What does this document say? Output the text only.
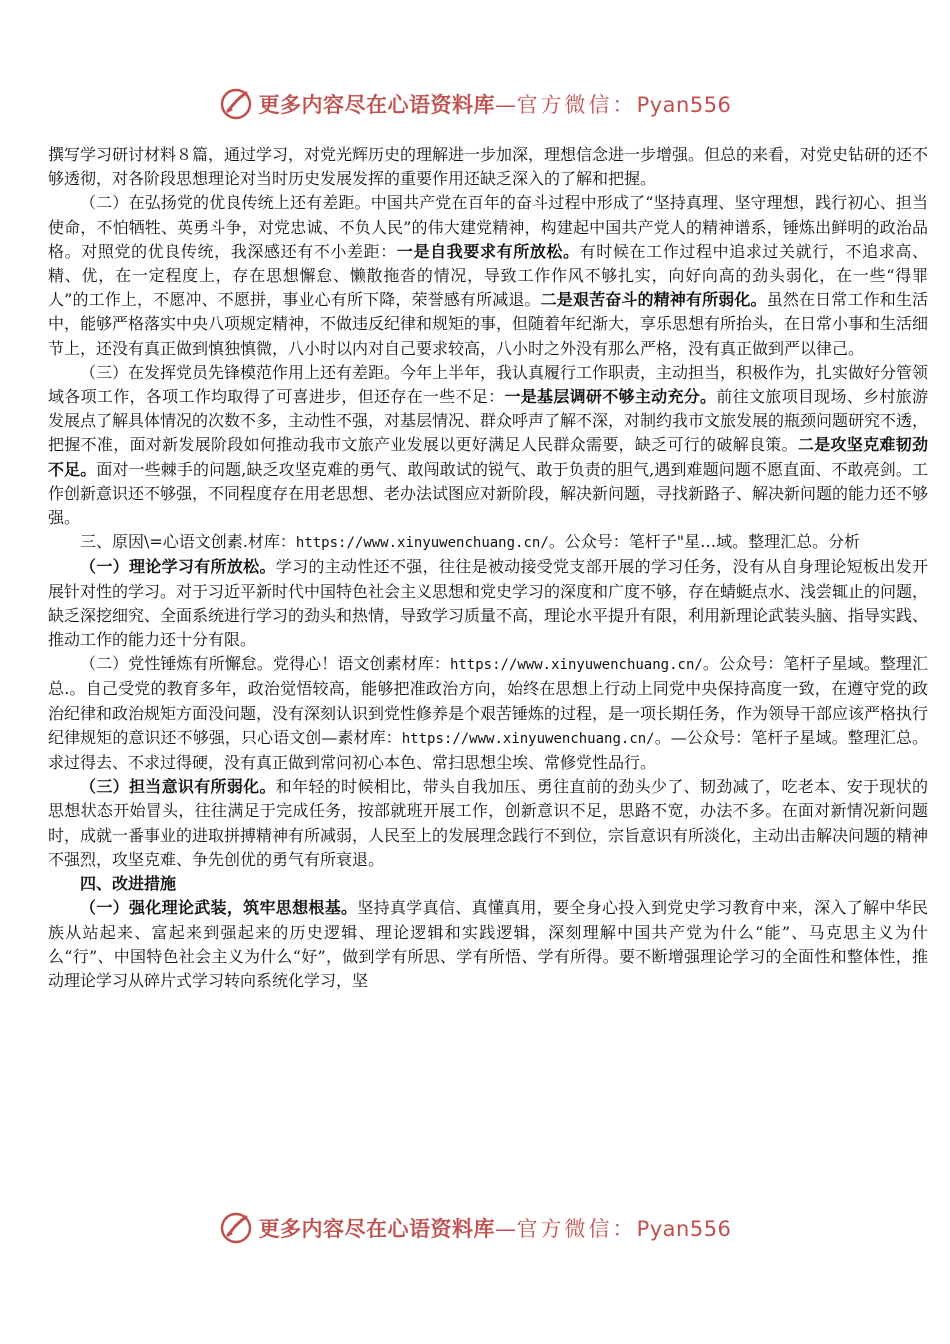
更多内容尽在心语资料库—官方微信：Pyan556

撰写学习研讨材料８篇，通过学习，对党光辉历史的理解进一步加深，理想信念进一步增强。但总的来看，对党史钻研的还不够透彻，对各阶段思想理论对当时历史发展发挥的重要作用还缺乏深入的了解和把握。

（二）在弘扬党的优良传统上还有差距。中国共产党在百年的奋斗过程中形成了“坚持真理、坚守理想，践行初心、担当使命，不怕牺牲、英勇斗争，对党忠诚、不负人民”的伟大建党精神，构建起中国共产党人的精神谱系，锤炼出鲜明的政治品格。对照党的优良传统，我深感还有不小差距：一是自我要求有所放松。有时候在工作过程中追求过关就行，不追求高、精、优，在一定程度上，存在思想懈怠、懒散拖沓的情况，导致工作作风不够扎实，向好向高的劲头弱化，在一些“得罪人”的工作上，不愿冲、不愿拼，事业心有所下降，荣誉感有所减退。二是艰苦奋斗的精神有所弱化。虽然在日常工作和生活中，能够严格落实中央八项规定精神，不做违反纪律和规矩的事，但随着年纪渐大，享乐思想有所抬头，在日常小事和生活细节上，还没有真正做到慎独慎微，八小时以内对自己要求较高，八小时之外没有那么严格，没有真正做到严以律己。

（三）在发挥党员先锋模范作用上还有差距。今年上半年，我认真履行工作职责，主动担当，积极作为，扎实做好分管领域各项工作，各项工作均取得了可喜进步，但还存在一些不足：一是基层调研不够主动充分。前往文旅项目现场、乡村旅游发展点了解具体情况的次数不多，主动性不强，对基层情况、群众呼声了解不深，对制约我市文旅发展的瓶颈问题研究不透，把握不准，面对新发展阶段如何推动我市文旅产业发展以更好满足人民群众需要，缺乏可行的破解良策。二是攻坚克难韧劲不足。面对一些棘手的问题,缺乏攻坚克难的勇气、敢闯敢试的锐气、敢于负责的胆气,遇到难题问题不愿直面、不敢亮剑。工作创新意识还不够强，不同程度存在用老思想、老办法试图应对新阶段，解决新问题，寻找新路子、解决新问题的能力还不够强。

三、原因\=心语文创素.材库：https://www.xinyuwenchuang.cn/。公众号：笔杆子"星…域。整理汇总。分析

（一）理论学习有所放松。学习的主动性还不强，往往是被动接受党支部开展的学习任务，没有从自身理论短板出发开展针对性的学习。对于习近平新时代中国特色社会主义思想和党史学习的深度和广度不够，存在蜻蜓点水、浅尝辄止的问题，缺乏深挖细究、全面系统进行学习的劲头和热情，导致学习质量不高，理论水平提升有限，利用新理论武装头脑、指导实践、推动工作的能力还十分有限。

（二）党性锤炼有所懈怠。党得心！语文创素材库：https://www.xinyuwenchuang.cn/。公众号：笔杆子星域。整理汇总.。自己受党的教育多年，政治觉悟较高，能够把准政治方向，始终在思想上行动上同党中央保持高度一致，在遵守党的政治纪律和政治规矩方面没问题，没有深刻认识到党性修养是个艰苦锤炼的过程，是一项长期任务，作为领导干部应该严格执行纪律规矩的意识还不够强，只心语文创—素材库：https://www.xinyuwenchuang.cn/。—公众号：笔杆子星域。整理汇总。求过得去、不求过得硬，没有真正做到常问初心本色、常扫思想尘埃、常修党性品行。

（三）担当意识有所弱化。和年轻的时候相比，带头自我加压、勇往直前的劲头少了、韧劲减了，吃老本、安于现状的思想状态开始冒头，往往满足于完成任务，按部就班开展工作，创新意识不足，思路不宽，办法不多。在面对新情况新问题时，成就一番事业的进取拼搏精神有所减弱，人民至上的发展理念践行不到位，宗旨意识有所淡化，主动出击解决问题的精神不强烈，攻坚克难、争先创优的勇气有所衰退。

四、改进措施

（一）强化理论武装，筑牢思想根基。坚持真学真信、真懂真用，要全身心投入到党史学习教育中来，深入了解中华民族从站起来、富起来到强起来的历史逻辑、理论逻辑和实践逻辑，深刻理解中国共产党为什么“能”、马克思主义为什么“行”、中国特色社会主义为什么“好”，做到学有所思、学有所悟、学有所得。要不断增强理论学习的全面性和整体性，推动理论学习从碎片式学习转向系统化学习，坚

更多内容尽在心语资料库—官方微信：Pyan556
